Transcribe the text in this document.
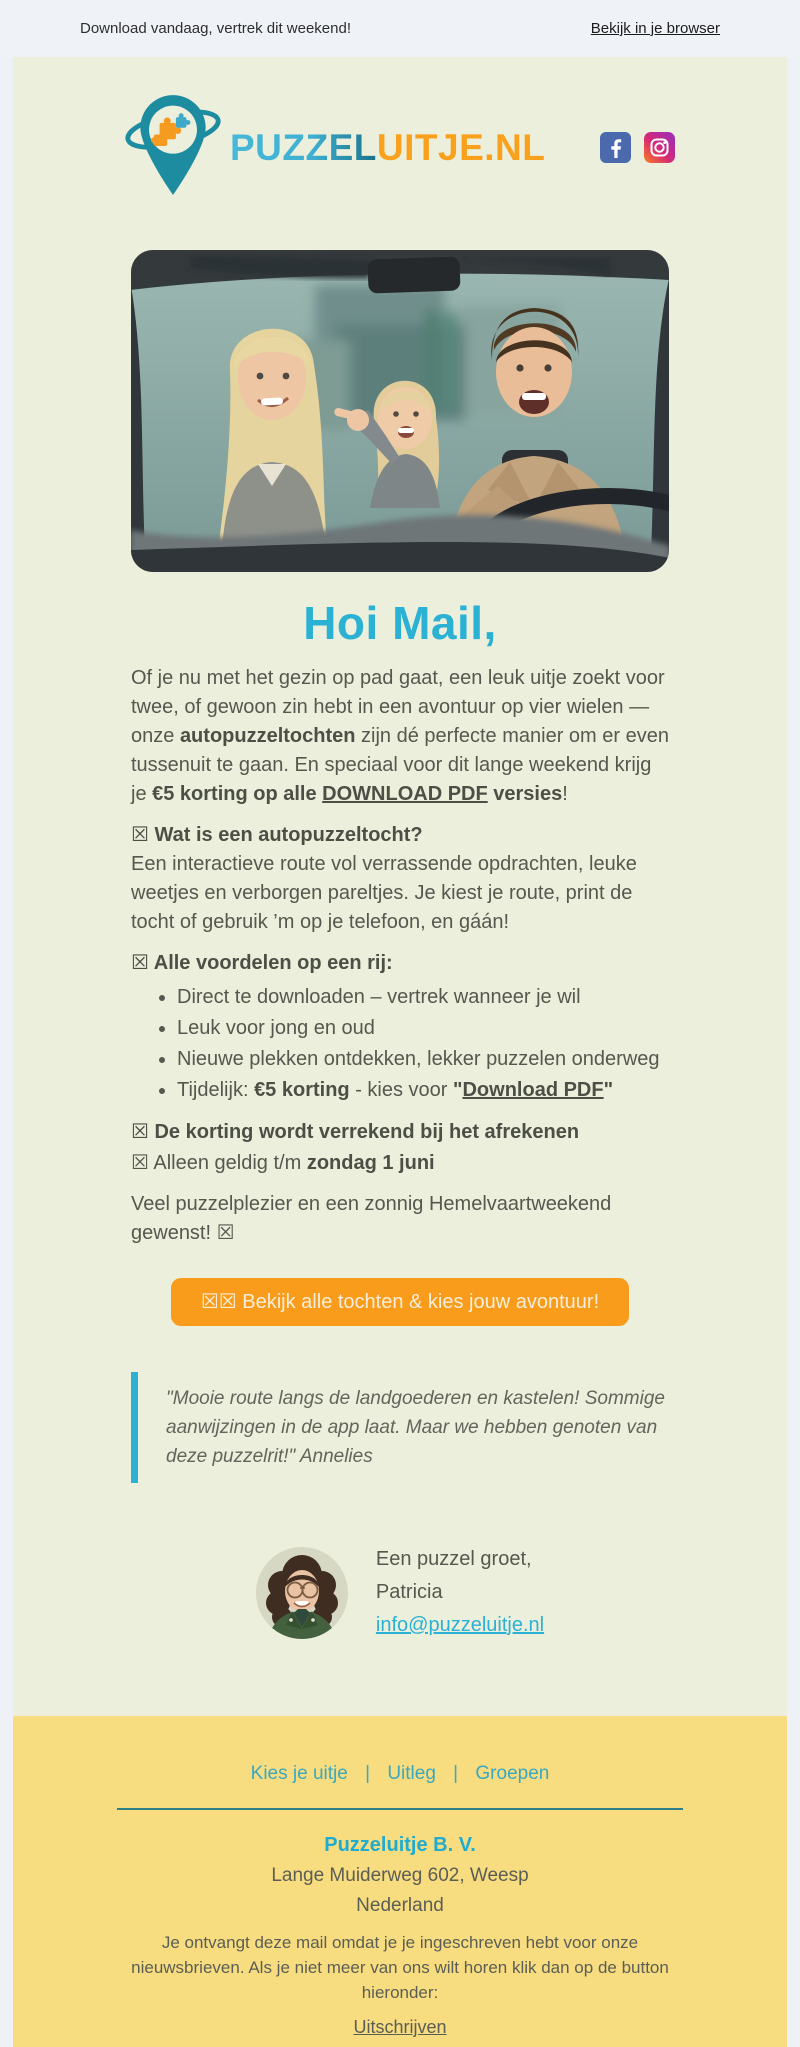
Download vandaag, vertrek dit weekend!	Bekijk in je browser
PUZZELUITJE.NL
Hoi Mail,

Of je nu met het gezin op pad gaat, een leuk uitje zoekt voor twee, of gewoon zin hebt in een avontuur op vier wielen — onze autopuzzeltochten zijn dé perfecte manier om er even tussenuit te gaan. En speciaal voor dit lange weekend krijg je €5 korting op alle DOWNLOAD PDF versies!

☒ Wat is een autopuzzeltocht?
Een interactieve route vol verrassende opdrachten, leuke weetjes en verborgen pareltjes. Je kiest je route, print de tocht of gebruik ’m op je telefoon, en gáán!

☒ Alle voordelen op een rij:

• Direct te downloaden – vertrek wanneer je wil
• Leuk voor jong en oud
• Nieuwe plekken ontdekken, lekker puzzelen onderweg
• Tijdelijk: €5 korting - kies voor "Download PDF"

☒ De korting wordt verrekend bij het afrekenen

☒ Alleen geldig t/m zondag 1 juni

Veel puzzelplezier en een zonnig Hemelvaartweekend gewenst! ☒

☒☒ Bekijk alle tochten & kies jouw avontuur!
"Mooie route langs de landgoederen en kastelen! Sommige aanwijzingen in de app laat. Maar we hebben genoten van deze puzzelrit!" Annelies
Een puzzel groet,
Patricia
info@puzzeluitje.nl
Kies je uitje | Uitleg | Groepen
Puzzeluitje B. V.
Lange Muiderweg 602, Weesp
Nederland

Je ontvangt deze mail omdat je je ingeschreven hebt voor onze nieuwsbrieven. Als je niet meer van ons wilt horen klik dan op de button hieronder:

Uitschrijven
